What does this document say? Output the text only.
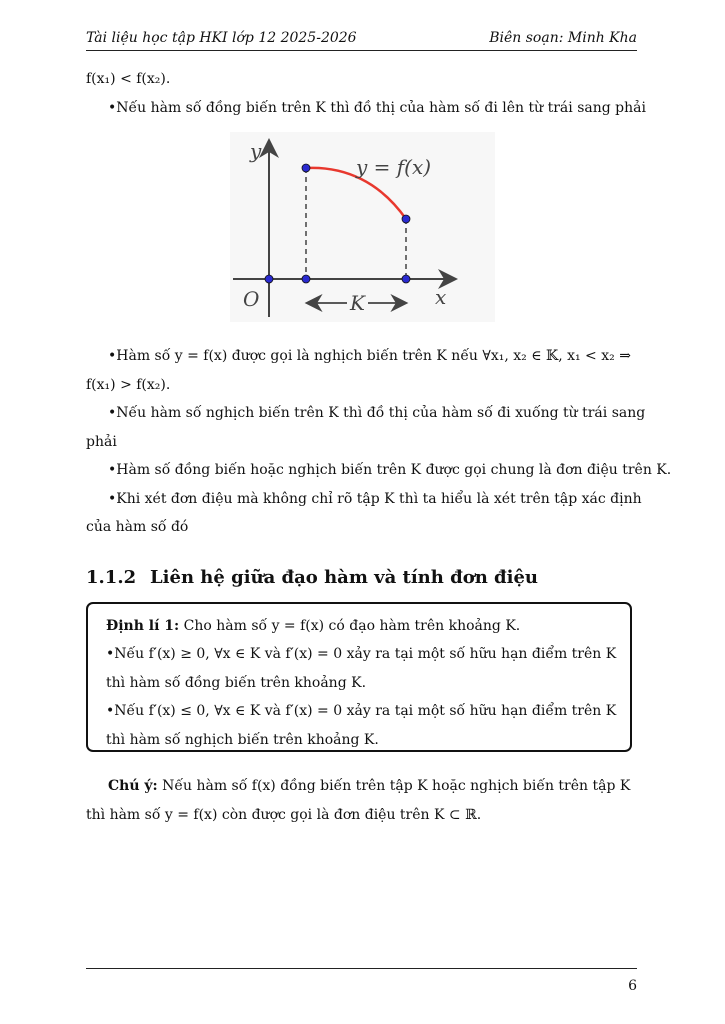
Tài liệu học tập HKI lớp 12 2025-2026	Biên soạn: Minh Kha
f(x₁) < f(x₂).
•Nếu hàm số đồng biến trên K thì đồ thị của hàm số đi lên từ trái sang phải
y
x
O
y = f(x)
K
•Hàm số y = f(x) được gọi là nghịch biến trên K nếu ∀x₁, x₂ ∈ 𝕂, x₁ < x₂ ⇒
f(x₁) > f(x₂).
•Nếu hàm số nghịch biến trên K thì đồ thị của hàm số đi xuống từ trái sang
phải
•Hàm số đồng biến hoặc nghịch biến trên K được gọi chung là đơn điệu trên K.
•Khi xét đơn điệu mà không chỉ rõ tập K thì ta hiểu là xét trên tập xác định
của hàm số đó
1.1.2 Liên hệ giữa đạo hàm và tính đơn điệu
Định lí 1: Cho hàm số y = f(x) có đạo hàm trên khoảng K.
•Nếu f′(x) ≥ 0, ∀x ∈ K và f′(x) = 0 xảy ra tại một số hữu hạn điểm trên K
thì hàm số đồng biến trên khoảng K.
•Nếu f′(x) ≤ 0, ∀x ∈ K và f′(x) = 0 xảy ra tại một số hữu hạn điểm trên K
thì hàm số nghịch biến trên khoảng K.
Chú ý: Nếu hàm số f(x) đồng biến trên tập K hoặc nghịch biến trên tập K
thì hàm số y = f(x) còn được gọi là đơn điệu trên K ⊂ ℝ.
6
